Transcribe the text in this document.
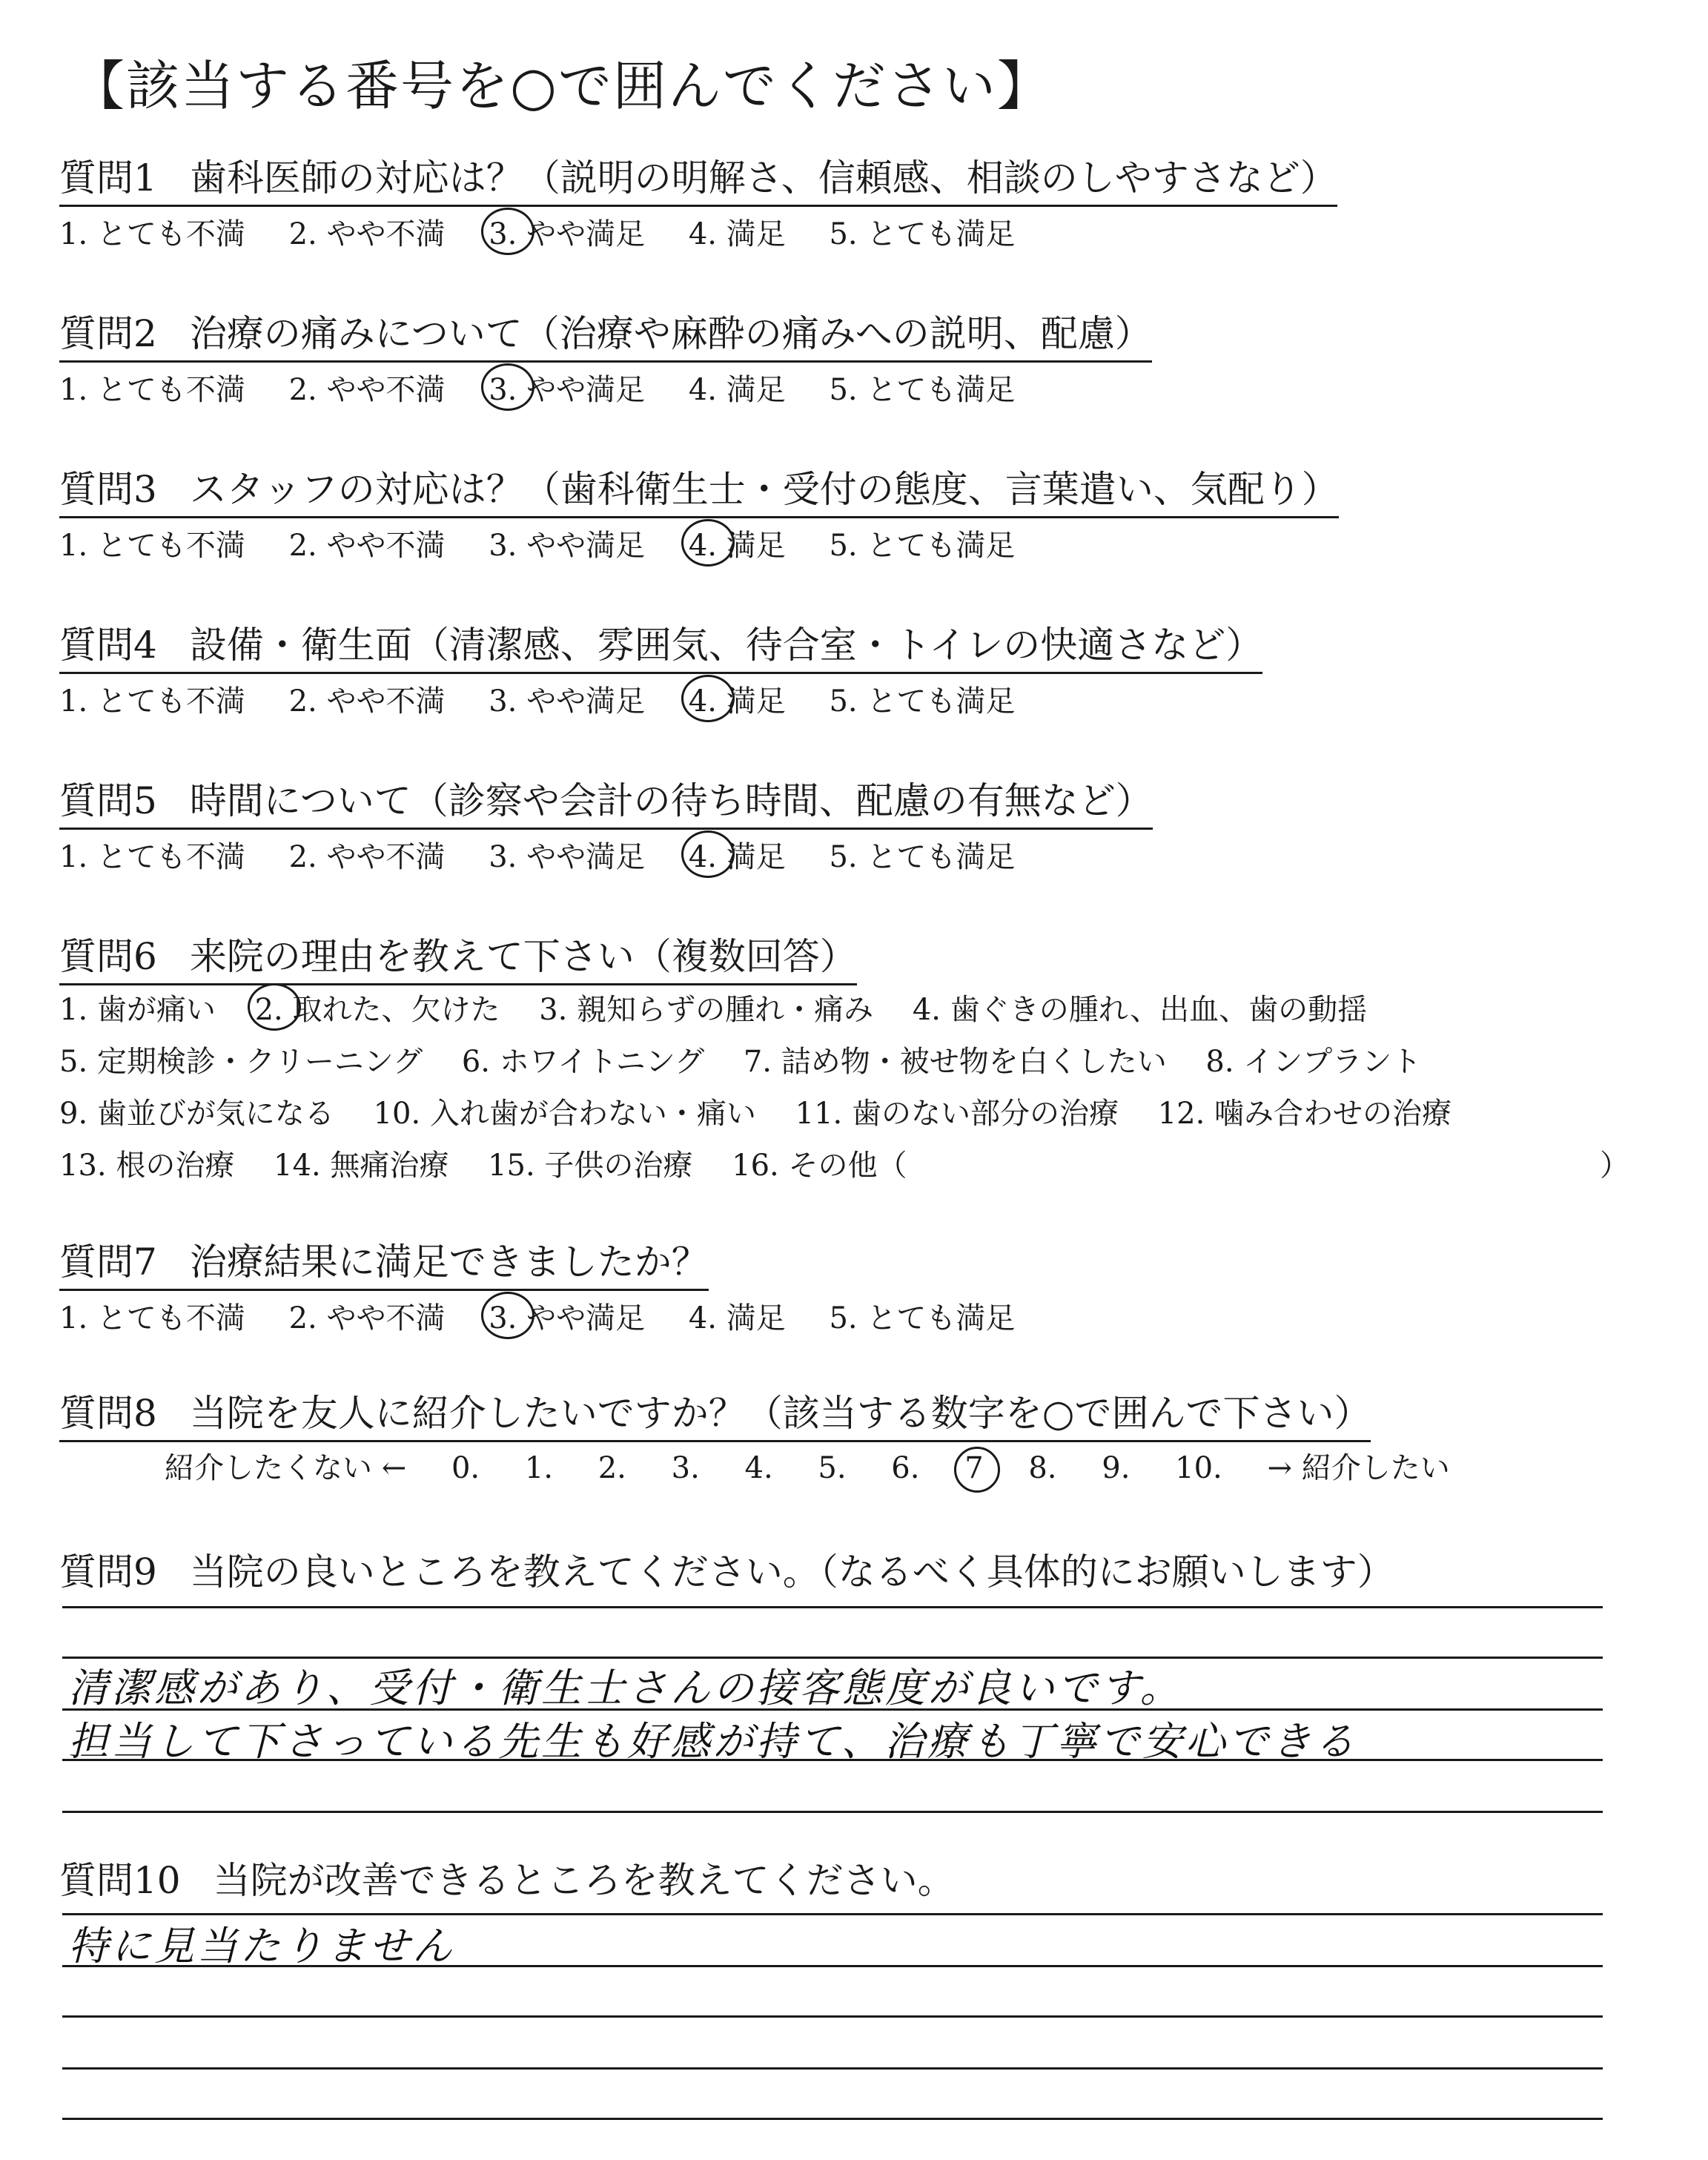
【該当する番号を○で囲んでください】
質問1 歯科医師の対応は？（説明の明解さ、信頼感、相談のしやすさなど）
1. とても不満 2. やや不満 3. やや満足 4. 満足 5. とても満足
質問2 治療の痛みについて（治療や麻酔の痛みへの説明、配慮）
1. とても不満 2. やや不満 3. やや満足 4. 満足 5. とても満足
質問3 スタッフの対応は？（歯科衛生士・受付の態度、言葉遣い、気配り）
1. とても不満 2. やや不満 3. やや満足 4. 満足 5. とても満足
質問4 設備・衛生面（清潔感、雰囲気、待合室・トイレの快適さなど）
1. とても不満 2. やや不満 3. やや満足 4. 満足 5. とても満足
質問5 時間について（診察や会計の待ち時間、配慮の有無など）
1. とても不満 2. やや不満 3. やや満足 4. 満足 5. とても満足
質問6 来院の理由を教えて下さい（複数回答）
1. 歯が痛い 2. 取れた、欠けた 3. 親知らずの腫れ・痛み 4. 歯ぐきの腫れ、出血、歯の動揺
5. 定期検診・クリーニング 6. ホワイトニング 7. 詰め物・被せ物を白くしたい 8. インプラント
9. 歯並びが気になる 10. 入れ歯が合わない・痛い 11. 歯のない部分の治療 12. 噛み合わせの治療
13. 根の治療 14. 無痛治療 15. 子供の治療 16. その他（	）
質問7 治療結果に満足できましたか？
1. とても不満 2. やや不満 3. やや満足 4. 満足 5. とても満足
質問8 当院を友人に紹介したいですか？（該当する数字を○で囲んで下さい）
紹介したくない ← 0. 1. 2. 3. 4. 5. 6. 7 8. 9. 10. → 紹介したい
質問9 当院の良いところを教えてください。（なるべく具体的にお願いします）
清潔感があり、受付・衛生士さんの接客態度が良いです。
担当して下さっている先生も好感が持て、治療も丁寧で安心できる
質問10 当院が改善できるところを教えてください。
特に見当たりません
